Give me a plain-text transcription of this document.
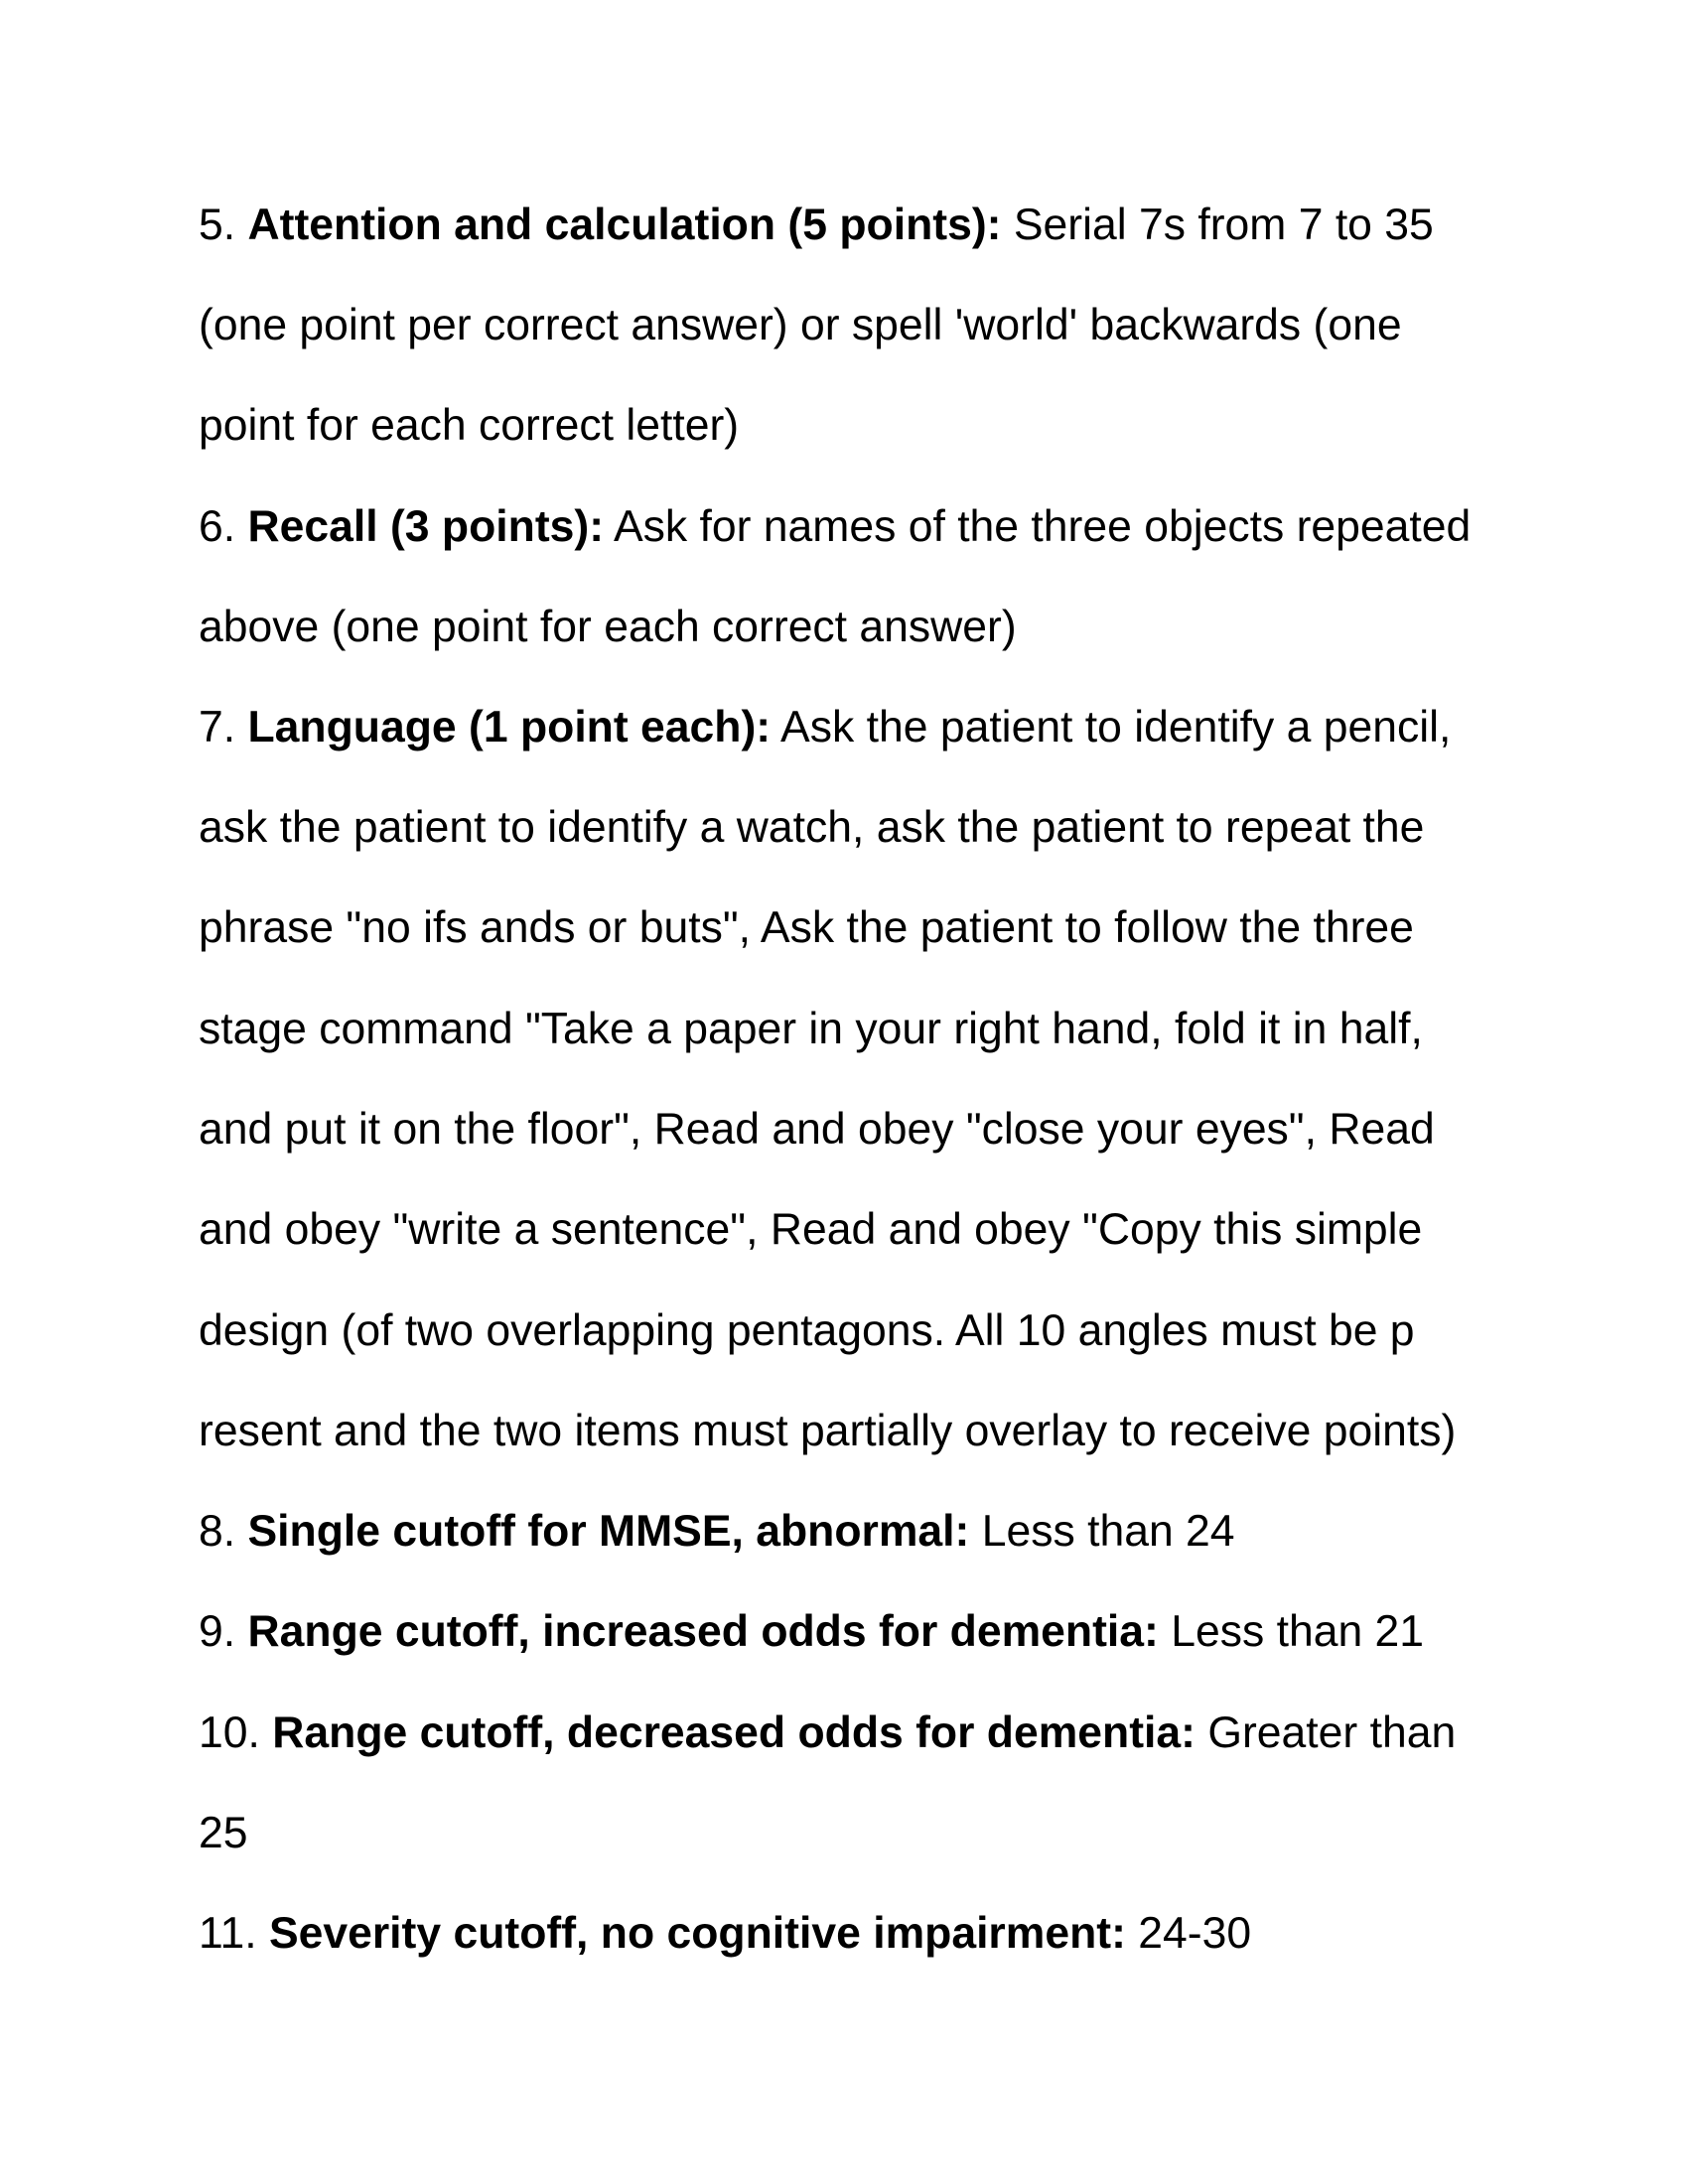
5. Attention and calculation (5 points): Serial 7s from 7 to 35
(one point per correct answer) or spell 'world' backwards (one
point for each correct letter)
6. Recall (3 points): Ask for names of the three objects repeated
above (one point for each correct answer)
7. Language (1 point each): Ask the patient to identify a pencil,
ask the patient to identify a watch, ask the patient to repeat the
phrase "no ifs ands or buts", Ask the patient to follow the three
stage command "Take a paper in your right hand, fold it in half,
and put it on the floor", Read and obey "close your eyes", Read
and obey "write a sentence", Read and obey "Copy this simple
design (of two overlapping pentagons. All 10 angles must be p
resent and the two items must partially overlay to receive points)
8. Single cutoff for MMSE, abnormal: Less than 24
9. Range cutoff, increased odds for dementia: Less than 21
10. Range cutoff, decreased odds for dementia: Greater than
25
11. Severity cutoff, no cognitive impairment: 24-30
